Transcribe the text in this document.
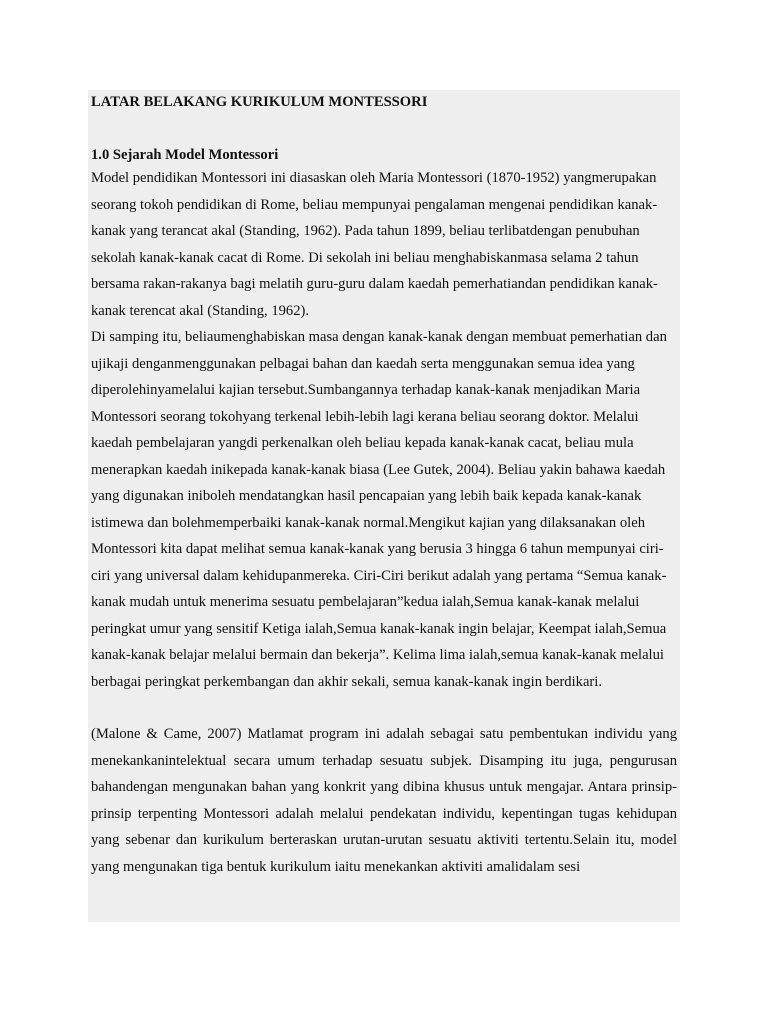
LATAR BELAKANG KURIKULUM MONTESSORI
1.0 Sejarah Model Montessori

Model pendidikan Montessori ini diasaskan oleh Maria Montessori (1870-1952) yangmerupakan seorang tokoh pendidikan di Rome, beliau mempunyai pengalaman mengenai pendidikan kanak-kanak yang terancat akal (Standing, 1962). Pada tahun 1899, beliau terlibatdengan penubuhan sekolah kanak-kanak cacat di Rome. Di sekolah ini beliau menghabiskanmasa selama 2 tahun bersama rakan-rakanya bagi melatih guru-guru dalam kaedah pemerhatiandan pendidikan kanak-kanak terencat akal (Standing, 1962).

Di samping itu, beliaumenghabiskan masa dengan kanak-kanak dengan membuat pemerhatian dan ujikaji denganmenggunakan pelbagai bahan dan kaedah serta menggunakan semua idea yang diperolehinyamelalui kajian tersebut.Sumbangannya terhadap kanak-kanak menjadikan Maria Montessori seorang tokohyang terkenal lebih-lebih lagi kerana beliau seorang doktor. Melalui kaedah pembelajaran yangdi perkenalkan oleh beliau kepada kanak-kanak cacat, beliau mula menerapkan kaedah inikepada kanak-kanak biasa (Lee Gutek, 2004). Beliau yakin bahawa kaedah yang digunakan iniboleh mendatangkan hasil pencapaian yang lebih baik kepada kanak-kanak istimewa dan bolehmemperbaiki kanak-kanak normal.Mengikut kajian yang dilaksanakan oleh Montessori kita dapat melihat semua kanak-kanak yang berusia 3 hingga 6 tahun mempunyai ciri-ciri yang universal dalam kehidupanmereka. Ciri-Ciri berikut adalah yang pertama “Semua kanak-kanak mudah untuk menerima sesuatu pembelajaran”kedua ialah,Semua kanak-kanak melalui peringkat umur yang sensitif Ketiga ialah,Semua kanak-kanak ingin belajar, Keempat ialah,Semua kanak-kanak belajar melalui bermain dan bekerja”. Kelima lima ialah,semua kanak-kanak melalui berbagai peringkat perkembangan dan akhir sekali, semua kanak-kanak ingin berdikari.

(Malone & Came, 2007) Matlamat program ini adalah sebagai satu pembentukan individu yang menekankanintelektual secara umum terhadap sesuatu subjek. Disamping itu juga, pengurusan bahandengan mengunakan bahan yang konkrit yang dibina khusus untuk mengajar. Antara prinsip-prinsip terpenting Montessori adalah melalui pendekatan individu, kepentingan tugas kehidupan yang sebenar dan kurikulum berteraskan urutan-urutan sesuatu aktiviti tertentu.Selain itu, model yang mengunakan tiga bentuk kurikulum iaitu menekankan aktiviti amalidalam sesi
